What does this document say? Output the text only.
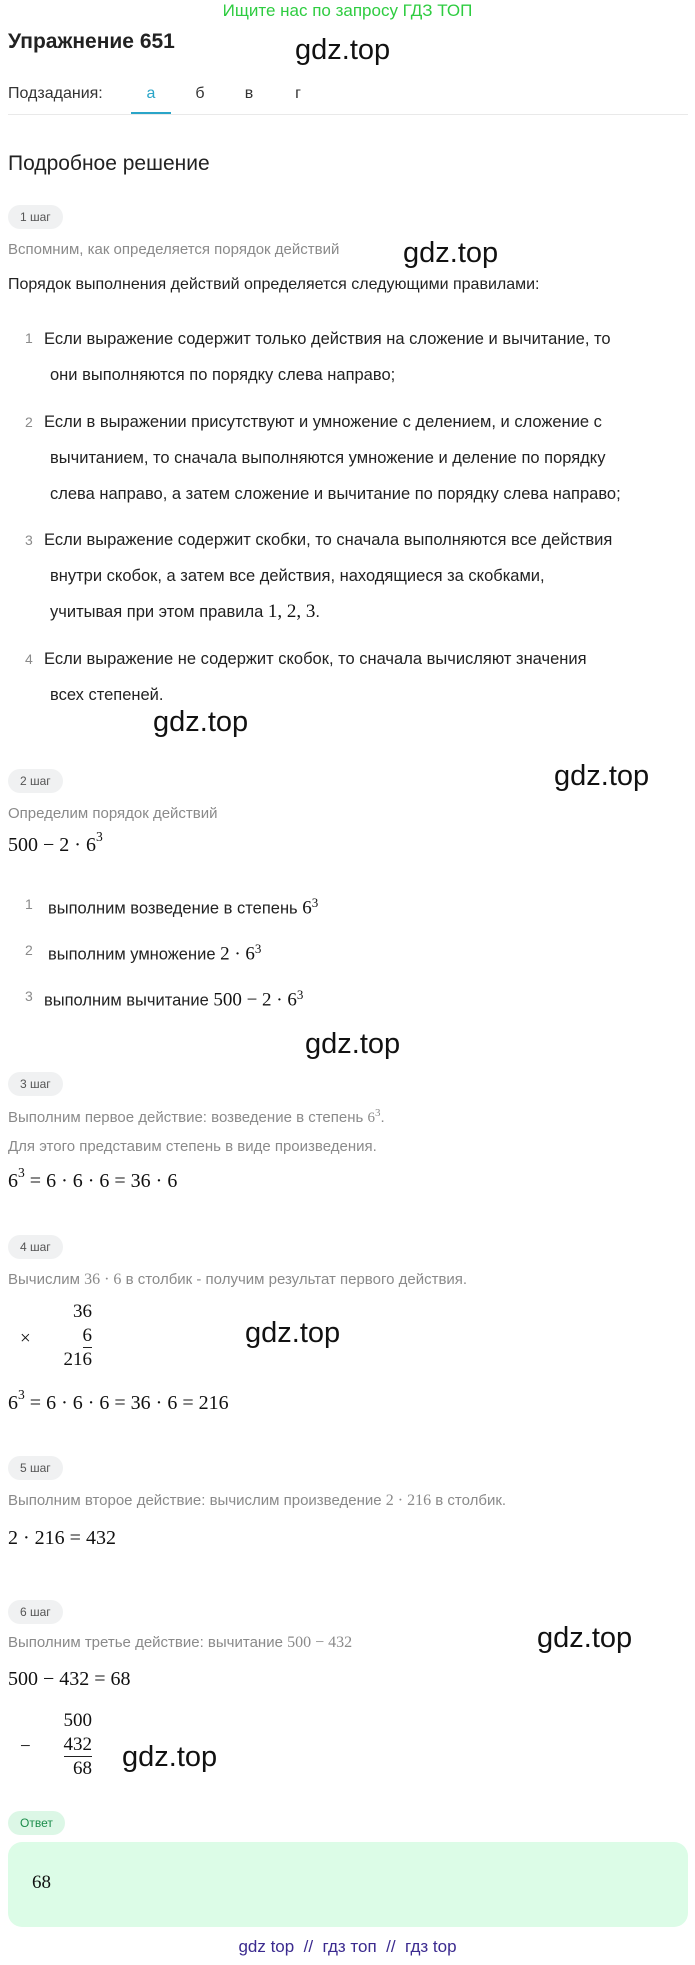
Ищите нас по запросу ГДЗ ТОП
Упражнение 651	gdz.top
Подзадания:	а	б	в	г
Подробное решение
1 шаг
Вспомним, как определяется порядок действий gdz.top
Порядок выполнения действий определяется следующими правилами:
1 Если выражение содержит только действия на сложение и вычитание, то
они выполняются по порядку слева направо;
2 Если в выражении присутствуют и умножение с делением, и сложение с
вычитанием, то сначала выполняются умножение и деление по порядку
слева направо, а затем сложение и вычитание по порядку слева направо;
3 Если выражение содержит скобки, то сначала выполняются все действия
внутри скобок, а затем все действия, находящиеся за скобками,
учитывая при этом правила 1, 2, 3.
4 Если выражение не содержит скобок, то сначала вычисляют значения
всех степеней.
gdz.top
gdz.top
2 шаг
Определим порядок действий
$500 - 2 \cdot 6^3$
1 выполним возведение в степень $6^3$
2 выполним умножение $2 \cdot 6^3$
3 выполним вычитание $500 - 2 \cdot 6^3$
gdz.top
3 шаг
Выполним первое действие: возведение в степень $6^3$.
Для этого представим степень в виде произведения.
$6^3 = 6 \cdot 6 \cdot 6 = 36 \cdot 6$
4 шаг
Вычислим 36 · 6 в столбик - получим результат первого действия.
×
36
6
216
gdz.top
$6^3 = 6 \cdot 6 \cdot 6 = 36 \cdot 6 = 216$
5 шаг
Выполним второе действие: вычислим произведение 2 · 216 в столбик.
2 · 216 = 432
6 шаг
Выполним третье действие: вычитание 500 − 432	gdz.top
500 − 432 = 68
−
500
432
68 gdz.top
Ответ
68
gdz top  //  гдз топ  //  гдз top
